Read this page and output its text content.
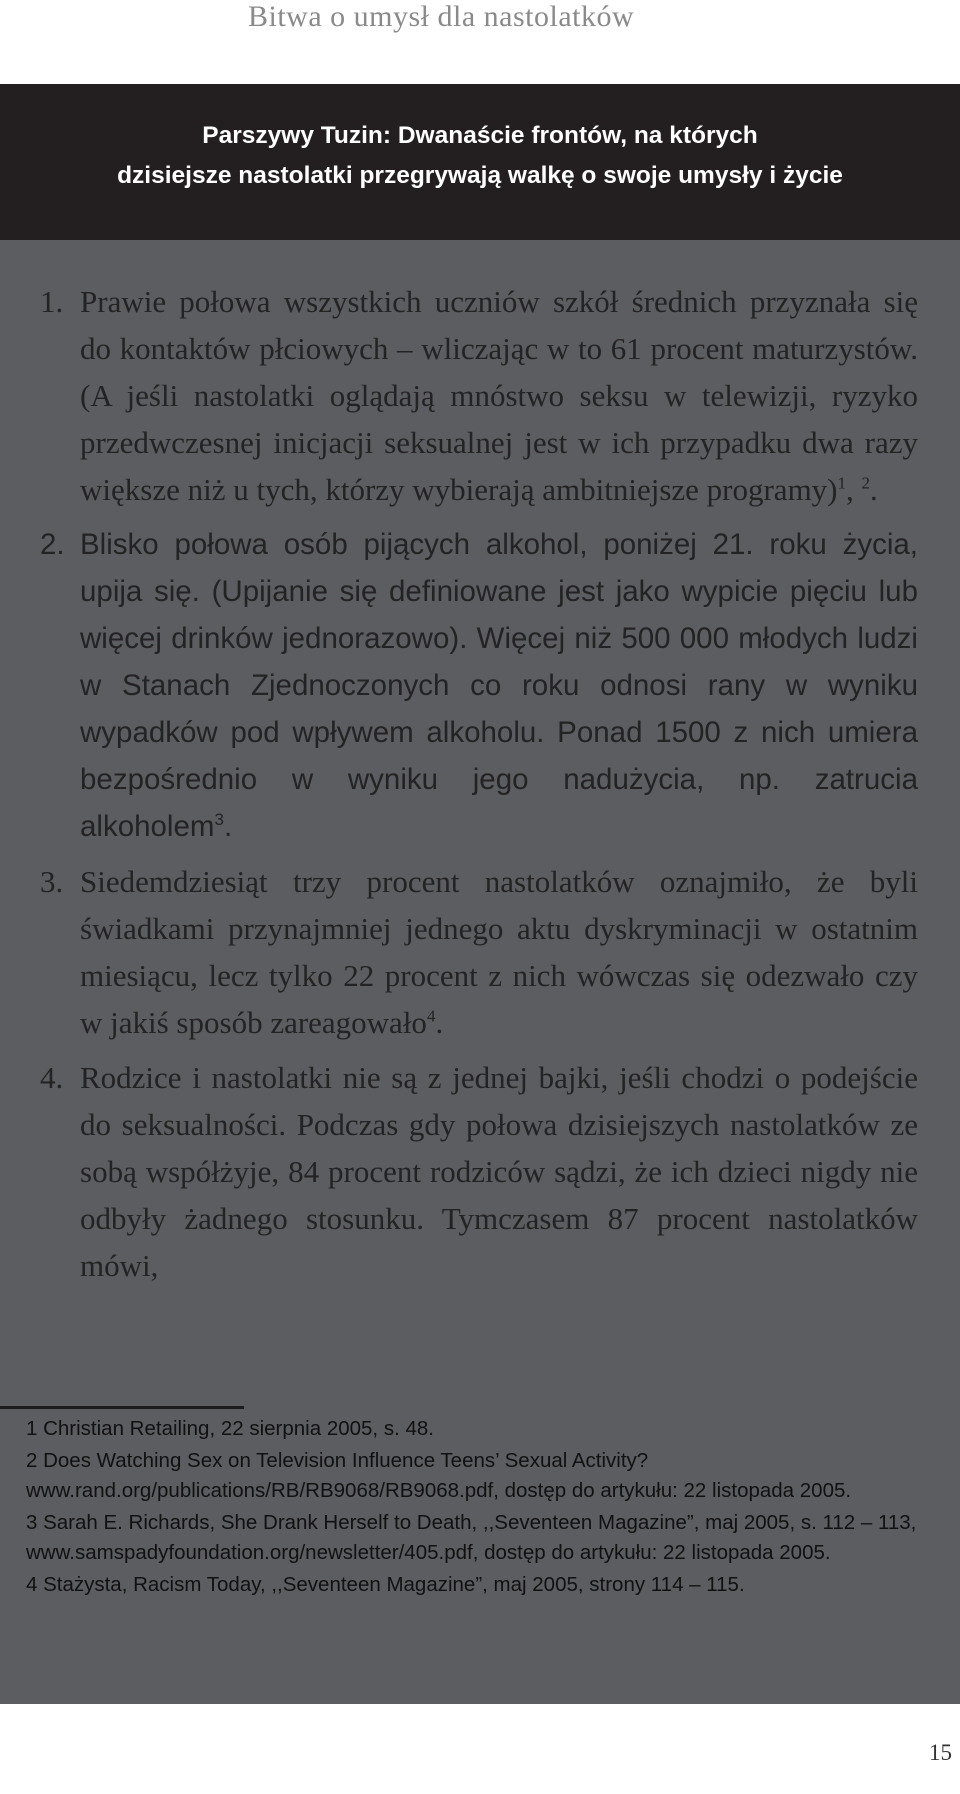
Bitwa o umysł dla nastolatków
Parszywy Tuzin: Dwanaście frontów, na których
dzisiejsze nastolatki przegrywają walkę o swoje umysły i życie
1. Prawie połowa wszystkich uczniów szkół średnich przyznała się do kontaktów płciowych – wliczając w to 61 procent maturzystów. (A jeśli nastolatki oglądają mnóstwo seksu w telewizji, ryzyko przedwczesnej inicjacji seksualnej jest w ich przypadku dwa razy większe niż u tych, którzy wybierają ambitniejsze programy)$^1$, $^2$.
2. Blisko połowa osób pijących alkohol, poniżej 21. roku życia, upija się. (Upijanie się definiowane jest jako wypicie pięciu lub więcej drinków jednorazowo). Więcej niż 500 000 młodych ludzi w Stanach Zjednoczonych co roku odnosi rany w wyniku wypadków pod wpływem alkoholu. Ponad 1500 z nich umiera bezpośrednio w wyniku jego nadużycia, np. zatrucia alkoholem$^3$.
3. Siedemdziesiąt trzy procent nastolatków oznajmiło, że byli świadkami przynajmniej jednego aktu dyskryminacji w ostatnim miesiącu, lecz tylko 22 procent z nich wówczas się odezwało czy w jakiś sposób zareagowało$^4$.
4. Rodzice i nastolatki nie są z jednej bajki, jeśli chodzi o podejście do seksualności. Podczas gdy połowa dzisiejszych nastolatków ze sobą współżyje, 84 procent rodziców sądzi, że ich dzieci nigdy nie odbyły żadnego stosunku. Tymczasem 87 procent nastolatków mówi,
1 Christian Retailing, 22 sierpnia 2005, s. 48.
2 Does Watching Sex on Television Influence Teens’ Sexual Activity? www.rand.org/publications/RB/RB9068/RB9068.pdf, dostęp do artykułu: 22 listopada 2005.
3 Sarah E. Richards, She Drank Herself to Death, ,,Seventeen Magazine”, maj 2005, s. 112 – 113, www.samspadyfoundation.org/newsletter/405.pdf, dostęp do artykułu: 22 listopada 2005.
4 Stażysta, Racism Today, ,,Seventeen Magazine”, maj 2005, strony 114 – 115.
15
